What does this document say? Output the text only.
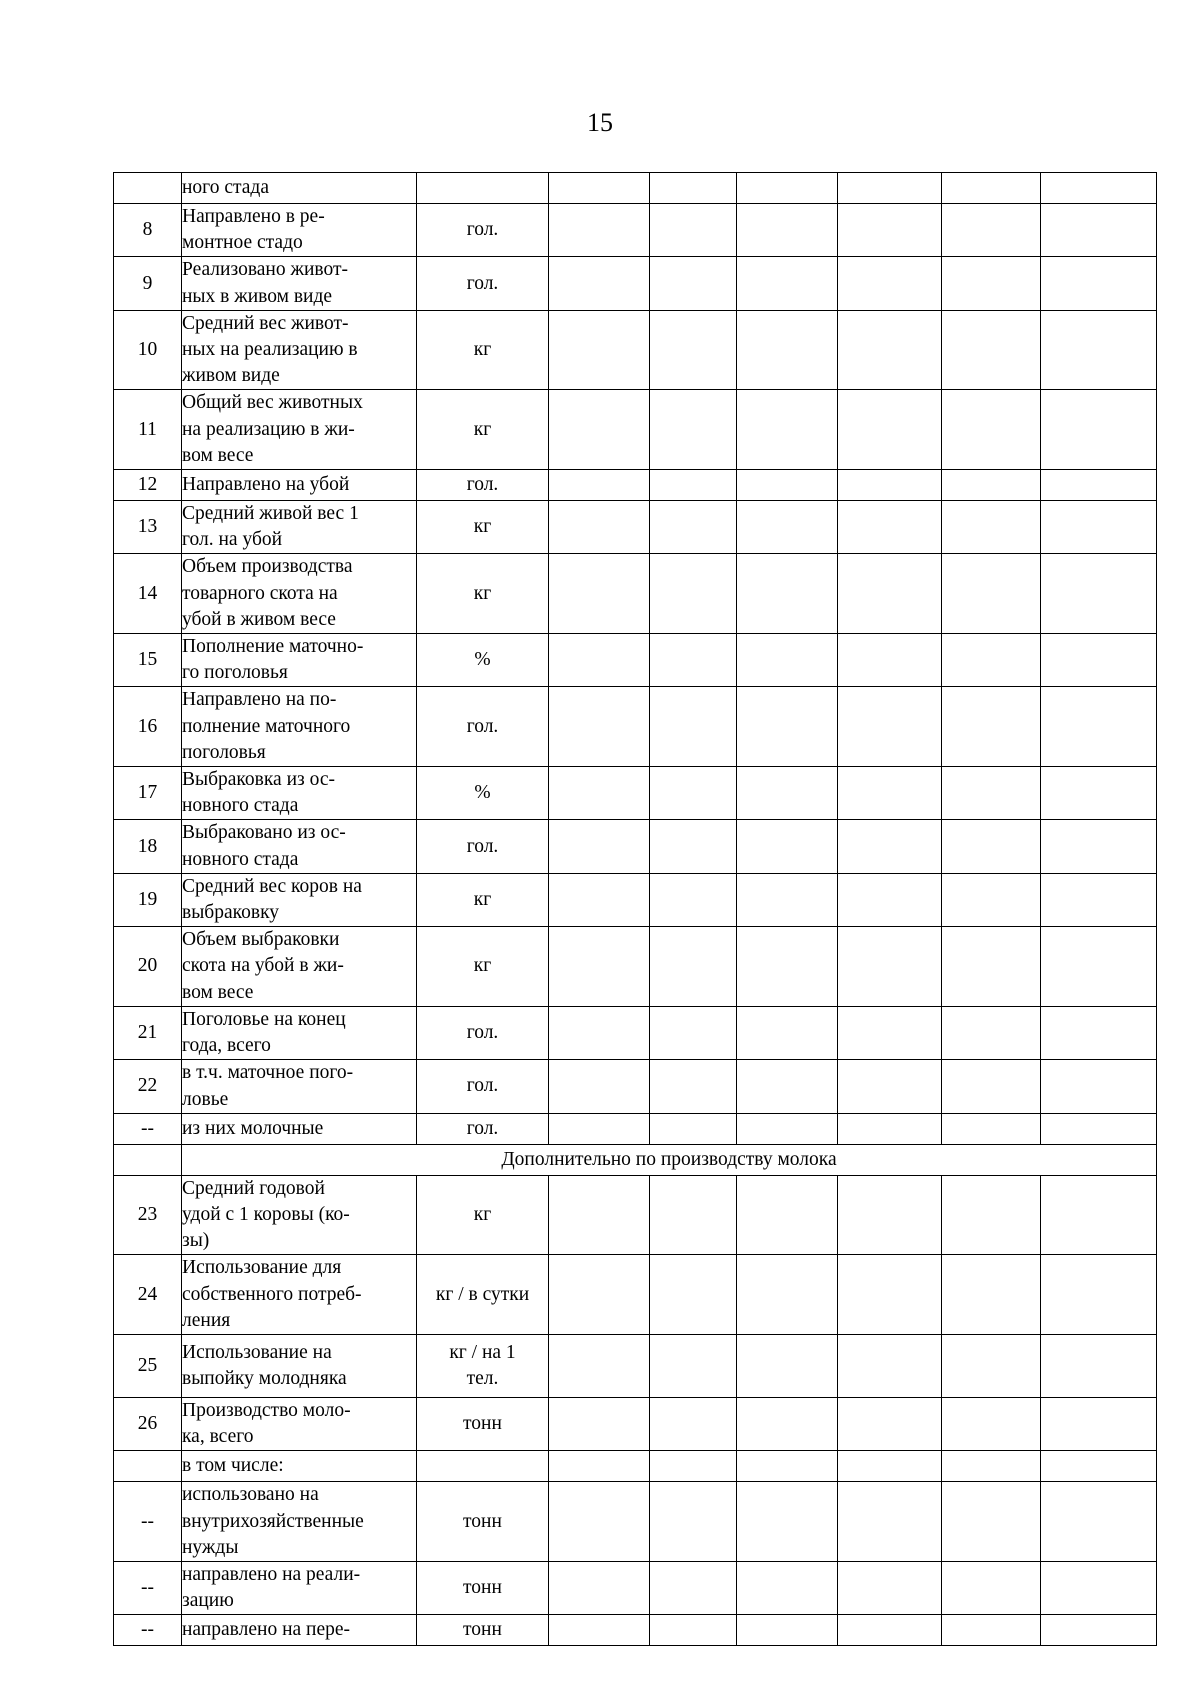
15
	ного стада							
8	Направлено в ре-
монтное стадо	гол.						
9	Реализовано живот-
ных в живом виде	гол.						
10	Средний вес живот-
ных на реализацию в
живом виде	кг						
11	Общий вес животных
на реализацию в жи-
вом весе	кг						
12	Направлено на убой	гол.						
13	Средний живой вес 1
гол. на убой	кг						
14	Объем производства
товарного скота на
убой в живом весе	кг						
15	Пополнение маточно-
го поголовья	%						
16	Направлено на по-
полнение маточного
поголовья	гол.						
17	Выбраковка из ос-
новного стада	%						
18	Выбраковано из ос-
новного стада	гол.						
19	Средний вес коров на
выбраковку	кг						
20	Объем выбраковки
скота на убой в жи-
вом весе	кг						
21	Поголовье на конец
года, всего	гол.						
22	в т.ч. маточное пого-
ловье	гол.						
--	из них молочные	гол.						
	Дополнительно по производству молока							
23	Средний годовой
удой с 1 коровы (ко-
зы)	кг						
24	Использование для
собственного потреб-
ления	кг / в сутки						
25	Использование на
выпойку молодняка	кг / на 1
тел.						
26	Производство моло-
ка, всего	тонн						
	в том числе:							
--	использовано на
внутрихозяйственные
нужды	тонн						
--	направлено на реали-
зацию	тонн						
--	направлено на пере-	тонн						
